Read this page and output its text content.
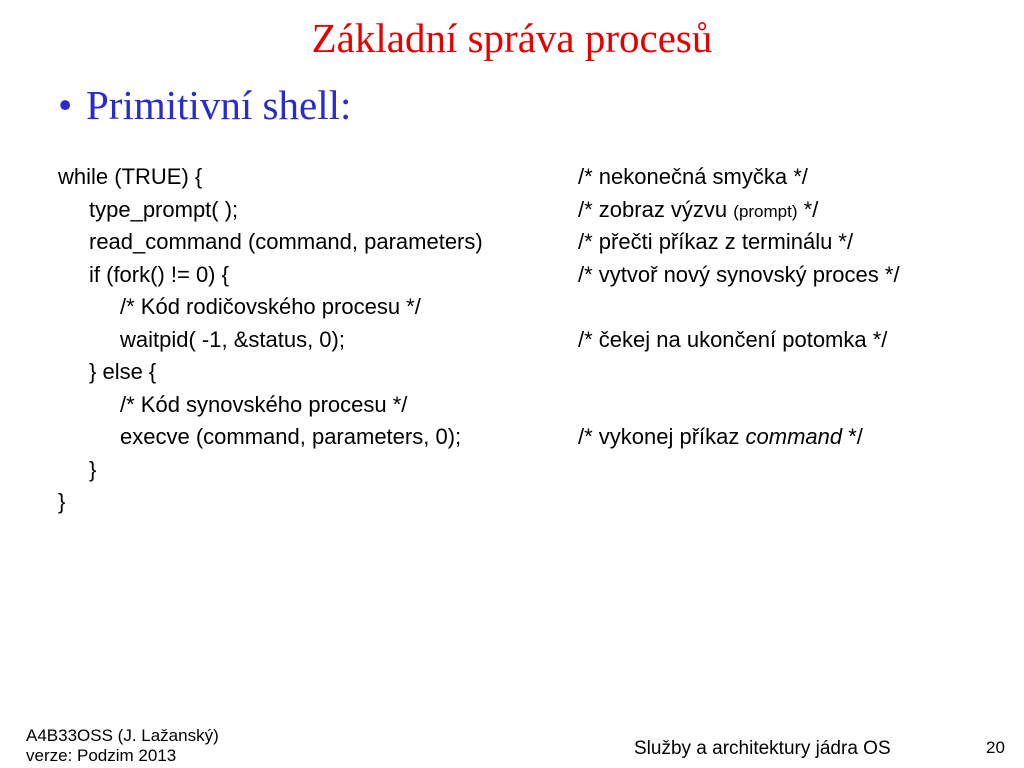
Základní správa procesů
• Primitivní shell:
while (TRUE) {	/* nekonečná smyčka */
type_prompt( );	/* zobraz výzvu (prompt) */
read_command (command, parameters)	/* přečti příkaz z terminálu */
if (fork() != 0) {	/* vytvoř nový synovský proces */
/* Kód rodičovského procesu */
waitpid( -1, &status, 0);	/* čekej na ukončení potomka */
} else {
/* Kód synovského procesu */
execve (command, parameters, 0);	/* vykonej příkaz command */
}
}
A4B33OSS (J. Lažanský)
verze: Podzim 2013	Služby a architektury jádra OS	20
